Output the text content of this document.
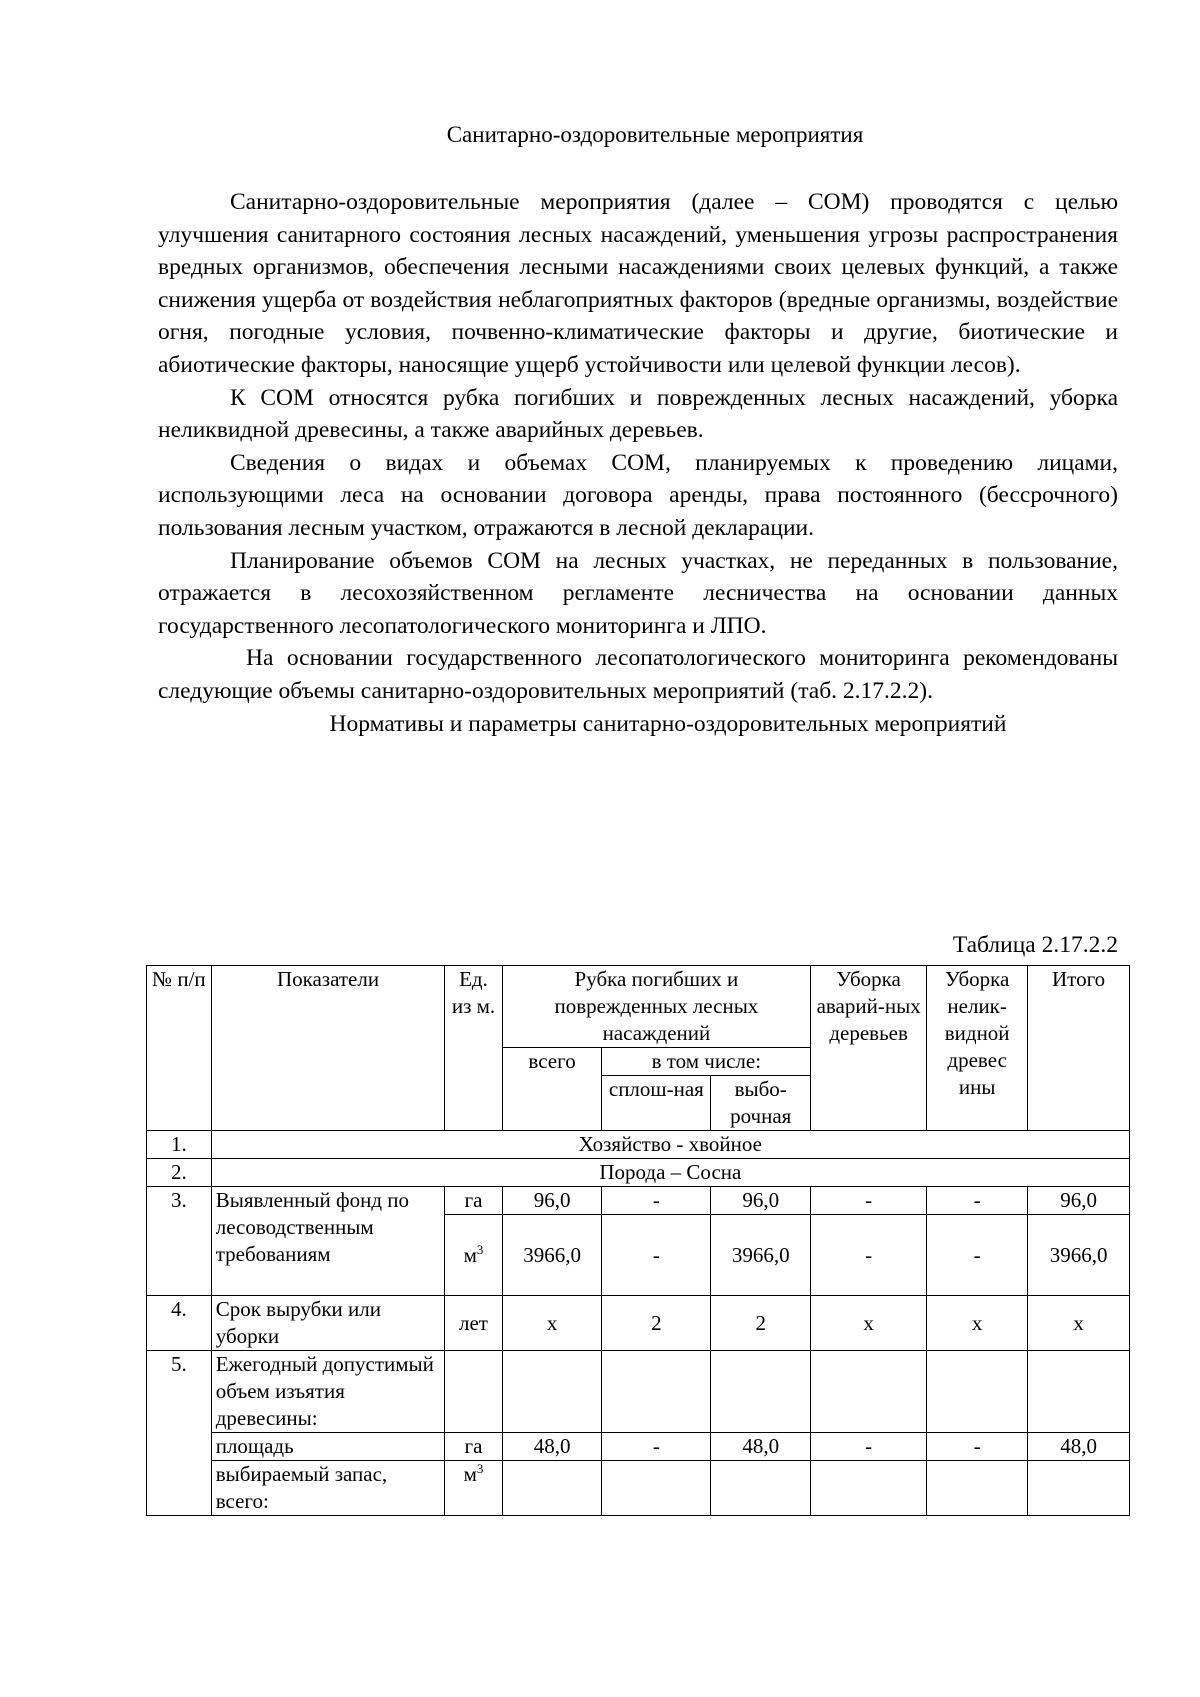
Санитарно-оздоровительные мероприятия

Санитарно-оздоровительные мероприятия (далее – СОМ) проводятся с целью улучшения санитарного состояния лесных насаждений, уменьшения угрозы распространения вредных организмов, обеспечения лесными насаждениями своих целевых функций, а также снижения ущерба от воздействия неблагоприятных факторов (вредные организмы, воздействие огня, погодные условия, почвенно-климатические факторы и другие, биотические и абиотические факторы, наносящие ущерб устойчивости или целевой функции лесов).

К СОМ относятся рубка погибших и поврежденных лесных насаждений, уборка неликвидной древесины, а также аварийных деревьев.

Сведения о видах и объемах СОМ, планируемых к проведению лицами, использующими леса на основании договора аренды, права постоянного (бессрочного) пользования лесным участком, отражаются в лесной декларации.

Планирование объемов СОМ на лесных участках, не переданных в пользование, отражается в лесохозяйственном регламенте лесничества на основании данных государственного лесопатологического мониторинга и ЛПО.

На основании государственного лесопатологического мониторинга рекомендованы следующие объемы санитарно-оздоровительных мероприятий (таб. 2.17.2.2).

Нормативы и параметры санитарно-оздоровительных мероприятий

Таблица 2.17.2.2
№ п/п	Показатели	Ед. из м.	Рубка погибших и поврежденных лесных насаждений			Уборка аварий-ных деревьев	Уборка нелик-видной древес ины	Итого
			всего	в том числе:				
				сплош-ная	выбо-рочная			
1.	Хозяйство - хвойное							
2.	Порода – Сосна							
3.	Выявленный фонд по лесоводственным требованиям	га	96,0	-	96,0	-	-	96,0
		$м^3$	3966,0	-	3966,0	-	-	3966,0
4.	Срок вырубки или уборки	лет	х	2	2	х	х	х
5.	Ежегодный допустимый объем изъятия древесины:							
	площадь	га	48,0	-	48,0	-	-	48,0
	выбираемый запас, всего:	$м^3$						
